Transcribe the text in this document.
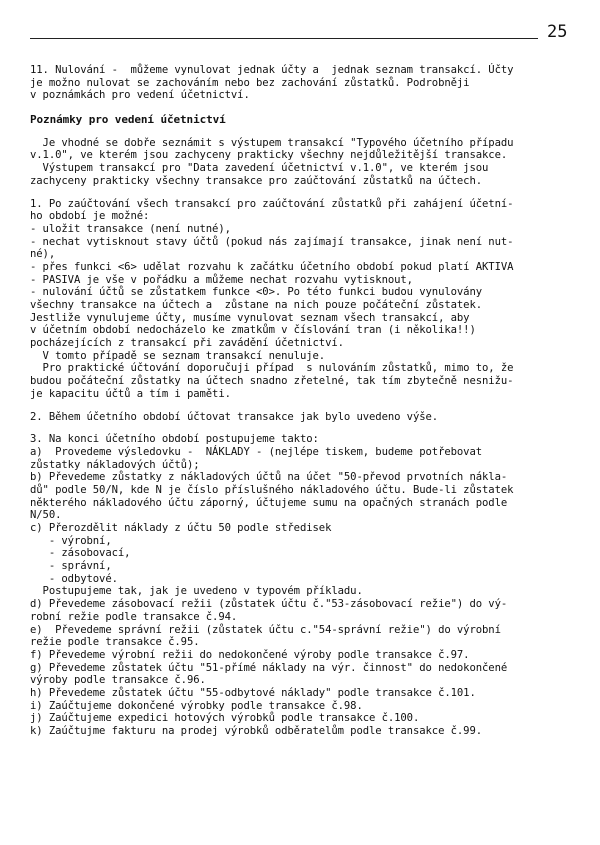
25
11. Nulování -  můžeme vynulovat jednak účty a  jednak seznam transakcí. Účty
je možno nulovat se zachováním nebo bez zachování zůstatků. Podrobněji
v poznámkách pro vedení účetnictví.
Poznámky pro vedení účetnictví
Je vhodné se dobře seznámit s výstupem transakcí "Typového účetního případu
v.1.0", ve kterém jsou zachyceny prakticky všechny nejdůležitější transakce.
Výstupem transakcí pro "Data zavedení účetnictví v.1.0", ve kterém jsou
zachyceny prakticky všechny transakce pro zaúčtování zůstatků na účtech.
1. Po zaúčtování všech transakcí pro zaúčtování zůstatků při zahájení účetní-
ho období je možné:
- uložit transakce (není nutné),
- nechat vytisknout stavy účtů (pokud nás zajímají transakce, jinak není nut-
né),
- přes funkci <6> udělat rozvahu k začátku účetního období pokud platí AKTIVA
- PASIVA je vše v pořádku a můžeme nechat rozvahu vytisknout,
- nulování účtů se zůstatkem funkce <0>. Po této funkci budou vynulovány
všechny transakce na účtech a  zůstane na nich pouze počáteční zůstatek.
Jestliže vynulujeme účty, musíme vynulovat seznam všech transakcí, aby
v účetním období nedocházelo ke zmatkům v číslování tran (i několika!!)
pocházejících z transakcí při zavádění účetnictví.
V tomto případě se seznam transakcí nenuluje.
Pro praktické účtování doporučuji případ  s nulováním zůstatků, mimo to, že
budou počáteční zůstatky na účtech snadno zřetelné, tak tím zbytečně nesnižu-
je kapacitu účtů a tím i paměti.
2. Během účetního období účtovat transakce jak bylo uvedeno výše.
3. Na konci účetního období postupujeme takto:
a)  Provedeme výsledovku -  NÁKLADY - (nejlépe tiskem, budeme potřebovat
zůstatky nákladových účtů);
b) Převedeme zůstatky z nákladových účtů na účet "50-převod prvotních nákla-
dů" podle 50/N, kde N je číslo příslušného nákladového účtu. Bude-li zůstatek
některého nákladového účtu záporný, účtujeme sumu na opačných stranách podle
N/50.
c) Přerozdělit náklady z účtu 50 podle středisek
- výrobní,
- zásobovací,
- správní,
- odbytové.
Postupujeme tak, jak je uvedeno v typovém příkladu.
d) Převedeme zásobovací režii (zůstatek účtu č."53-zásobovací režie") do vý-
robní režie podle transakce č.94.
e)  Převedeme správní režii (zůstatek účtu c."54-správní režie") do výrobní
režie podle transakce č.95.
f) Převedeme výrobní režii do nedokončené výroby podle transakce č.97.
g) Převedeme zůstatek účtu "51-přímé náklady na výr. činnost" do nedokončené
výroby podle transakce č.96.
h) Převedeme zůstatek účtu "55-odbytové náklady" podle transakce č.101.
i) Zaúčtujeme dokončené výrobky podle transakce č.98.
j) Zaúčtujeme expedici hotových výrobků podle transakce č.100.
k) Zaúčtujme fakturu na prodej výrobků odběratelům podle transakce č.99.
